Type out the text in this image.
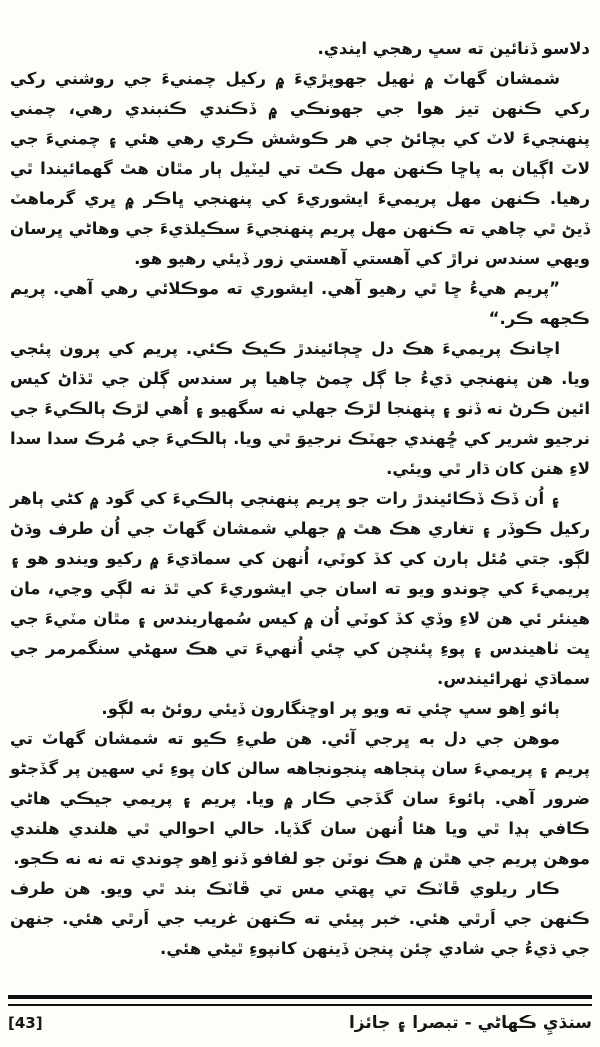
دلاسو ڏنائين ته سڀ رهجي ايندي.

شمشان گهاٽ ۾ ٺهيل جهوپڙيءَ ۾ رکيل چمنيءَ جي روشني رکي رکي ڪنهن تيز هوا جي جهونڪي ۾ ڏڪندي ڪنبندي رهي، چمني پنهنجيءَ لاٽ کي بچائڻ جي هر ڪوشش ڪري رهي هئي ۽ چمنيءَ جي لاٽ اڳيان به پاڇا ڪنهن مهل ڪٿ تي ليٽيل ٻار مٿان هٿ گهمائيندا ٿي رهيا. ڪنهن مهل پريميءَ ايشوريءَ کي پنهنجي ڀاڪر ۾ ڀري گرماهٽ ڏيڻ ٿي چاهي ته ڪنهن مهل پريم پنهنجيءَ سڪيلڌيءَ جي وهاڻي ڀرسان ويهي سندس نراڙ کي آهستي آهستي زور ڏيئي رهيو هو.

”پريم هيءُ ڇا ٿي رهيو آهي. ايشوري ته موڪلائي رهي آهي. پريم ڪجهه ڪر.“

اچانڪ پريميءَ هڪ دل ڇڄائيندڙ ڪيڪ ڪئي. پريم کي پرون پئجي ويا. هن پنهنجي ڌيءُ جا ڳل چمڻ چاهيا پر سندس ڳلن جي ٿڌاڻ کيس ائين ڪرڻ نه ڏنو ۽ پنهنجا لڙڪ جهلي نه سگهيو ۽ اُهي لڙڪ ٻالڪيءَ جي نرجيو شرير کي ڇُهندي جهٽڪ نرجيوَ ٿي ويا. ٻالڪيءَ جي مُرڪ سدا سدا لاءِ هنن کان ڌار ٿي ويئي.

۽ اُن ڏڪ ڏڪائيندڙ رات جو پريم پنهنجي ٻالڪيءَ کي گود ۾ کڻي ٻاهر رکيل ڪوڏر ۽ تغاري هڪ هٿ ۾ جهلي شمشان گهاٽ جي اُن طرف وڌڻ لڳو. جتي مُئل ٻارن کي کڏ کوٽي، اُنهن کي سماڌيءَ ۾ رکيو ويندو هو ۽ پريميءَ کي چوندو ويو ته اسان جي ايشوريءَ کي ٿڌ نه لڳي وڃي، مان هينئر ئي هن لاءِ وڏي کڏ کوٽي اُن ۾ کيس سُمهاريندس ۽ مٿان مٽيءَ جي ڀت ٺاهيندس ۽ پوءِ پئنچن کي چئي اُنهيءَ تي هڪ سهڻي سنگمرمر جي سماڌي ٺهرائيندس.

ٻائو اِهو سڀ چئي ته ويو پر اوڇنگارون ڏيئي روئڻ به لڳو.

موهن جي دل به ڀرجي آئي. هن طيءِ ڪيو ته شمشان گهاٽ تي پريم ۽ پريميءَ سان پنجاهه پنجونجاهه سالن کان پوءِ ئي سهين پر گڏجڻو ضرور آهي. ٻائوءَ سان گڏجي ڪار ۾ ويا. پريم ۽ پريمي جيڪي هاڻي ڪافي ٻڍا ٿي ويا هئا اُنهن سان گڏيا. حالي احوالي ٿي هلندي هلندي موهن پريم جي هٿن ۾ هڪ نوٽن جو لفافو ڏنو اِهو چوندي ته نه نه ڪجو.

ڪار ريلوي ڦاٽڪ تي پهتي مس تي ڦاٽڪ بند ٿي ويو. هن طرف ڪنهن جي اَرٿي هئي. خبر پيئي ته ڪنهن غريب جي اَرٿي هئي. جنهن جي ڌيءُ جي شادي چئن پنجن ڏينهن کانپوءِ ٿيڻي هئي.

سنڌيِ ڪهاڻي - تبصرا ۽ جائزا
[43]
